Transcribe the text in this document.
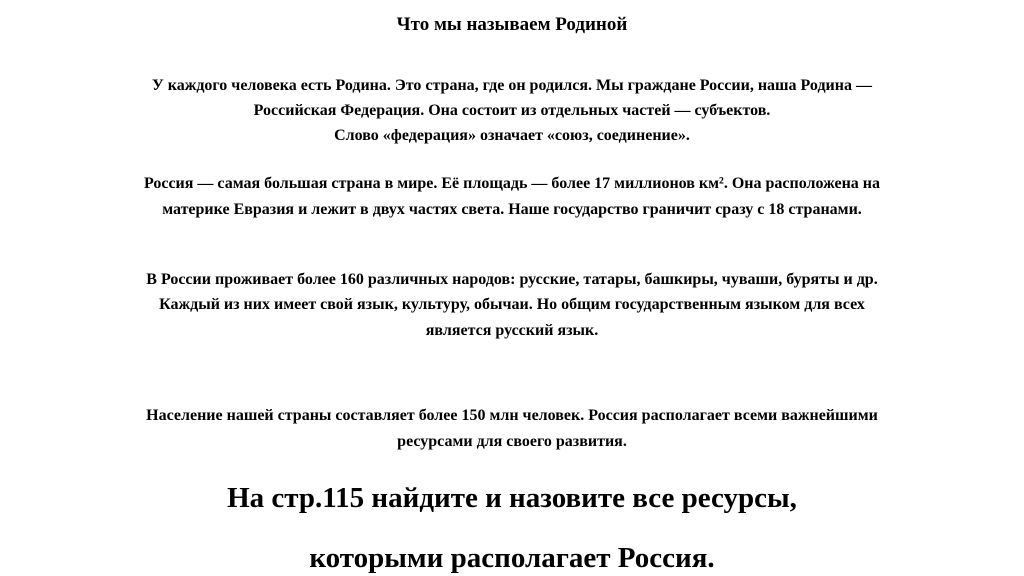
Что мы называем Родиной
У каждого человека есть Родина. Это страна, где он родился. Мы граждане России, наша Родина —
Российская Федерация. Она состоит из отдельных частей — субъектов.
Слово «федерация» означает «союз, соединение».
Россия — самая большая страна в мире. Её площадь — более 17 миллионов км². Она расположена на
материке Евразия и лежит в двух частях света. Наше государство граничит сразу с 18 странами.
В России проживает более 160 различных народов: русские, татары, башкиры, чуваши, буряты и др.
Каждый из них имеет свой язык, культуру, обычаи. Но общим государственным языком для всех
является русский язык.
Население нашей страны составляет более 150 млн человек. Россия располагает всеми важнейшими
ресурсами для своего развития.
На стр.115 найдите и назовите все ресурсы,
которыми располагает Россия.
